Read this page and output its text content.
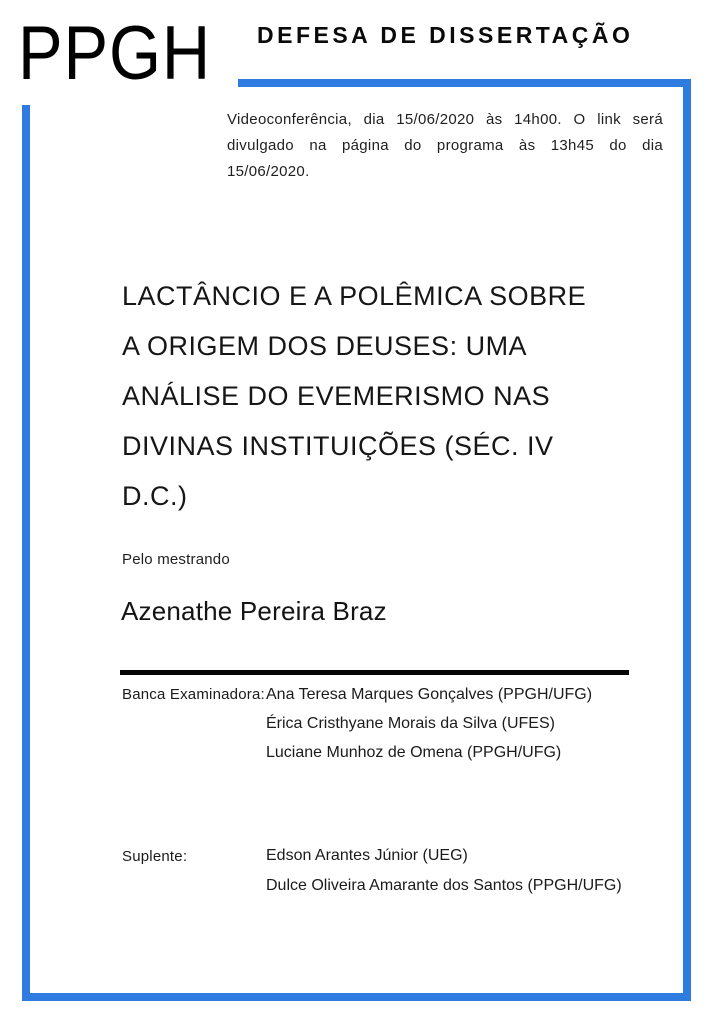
PPGH DEFESA DE DISSERTAÇÃO
Videoconferência, dia 15/06/2020 às 14h00. O link será
divulgado na página do programa às 13h45 do dia
15/06/2020.
LACTÂNCIO E A POLÊMICA SOBRE
A ORIGEM DOS DEUSES: UMA
ANÁLISE DO EVEMERISMO NAS
DIVINAS INSTITUIÇÕES (SÉC. IV
D.C.)
Pelo mestrando
Azenathe Pereira Braz
Banca Examinadora: Ana Teresa Marques Gonçalves (PPGH/UFG)
Érica Cristhyane Morais da Silva (UFES)
Luciane Munhoz de Omena (PPGH/UFG)
Suplente:	Edson Arantes Júnior (UEG)
Dulce Oliveira Amarante dos Santos (PPGH/UFG)
